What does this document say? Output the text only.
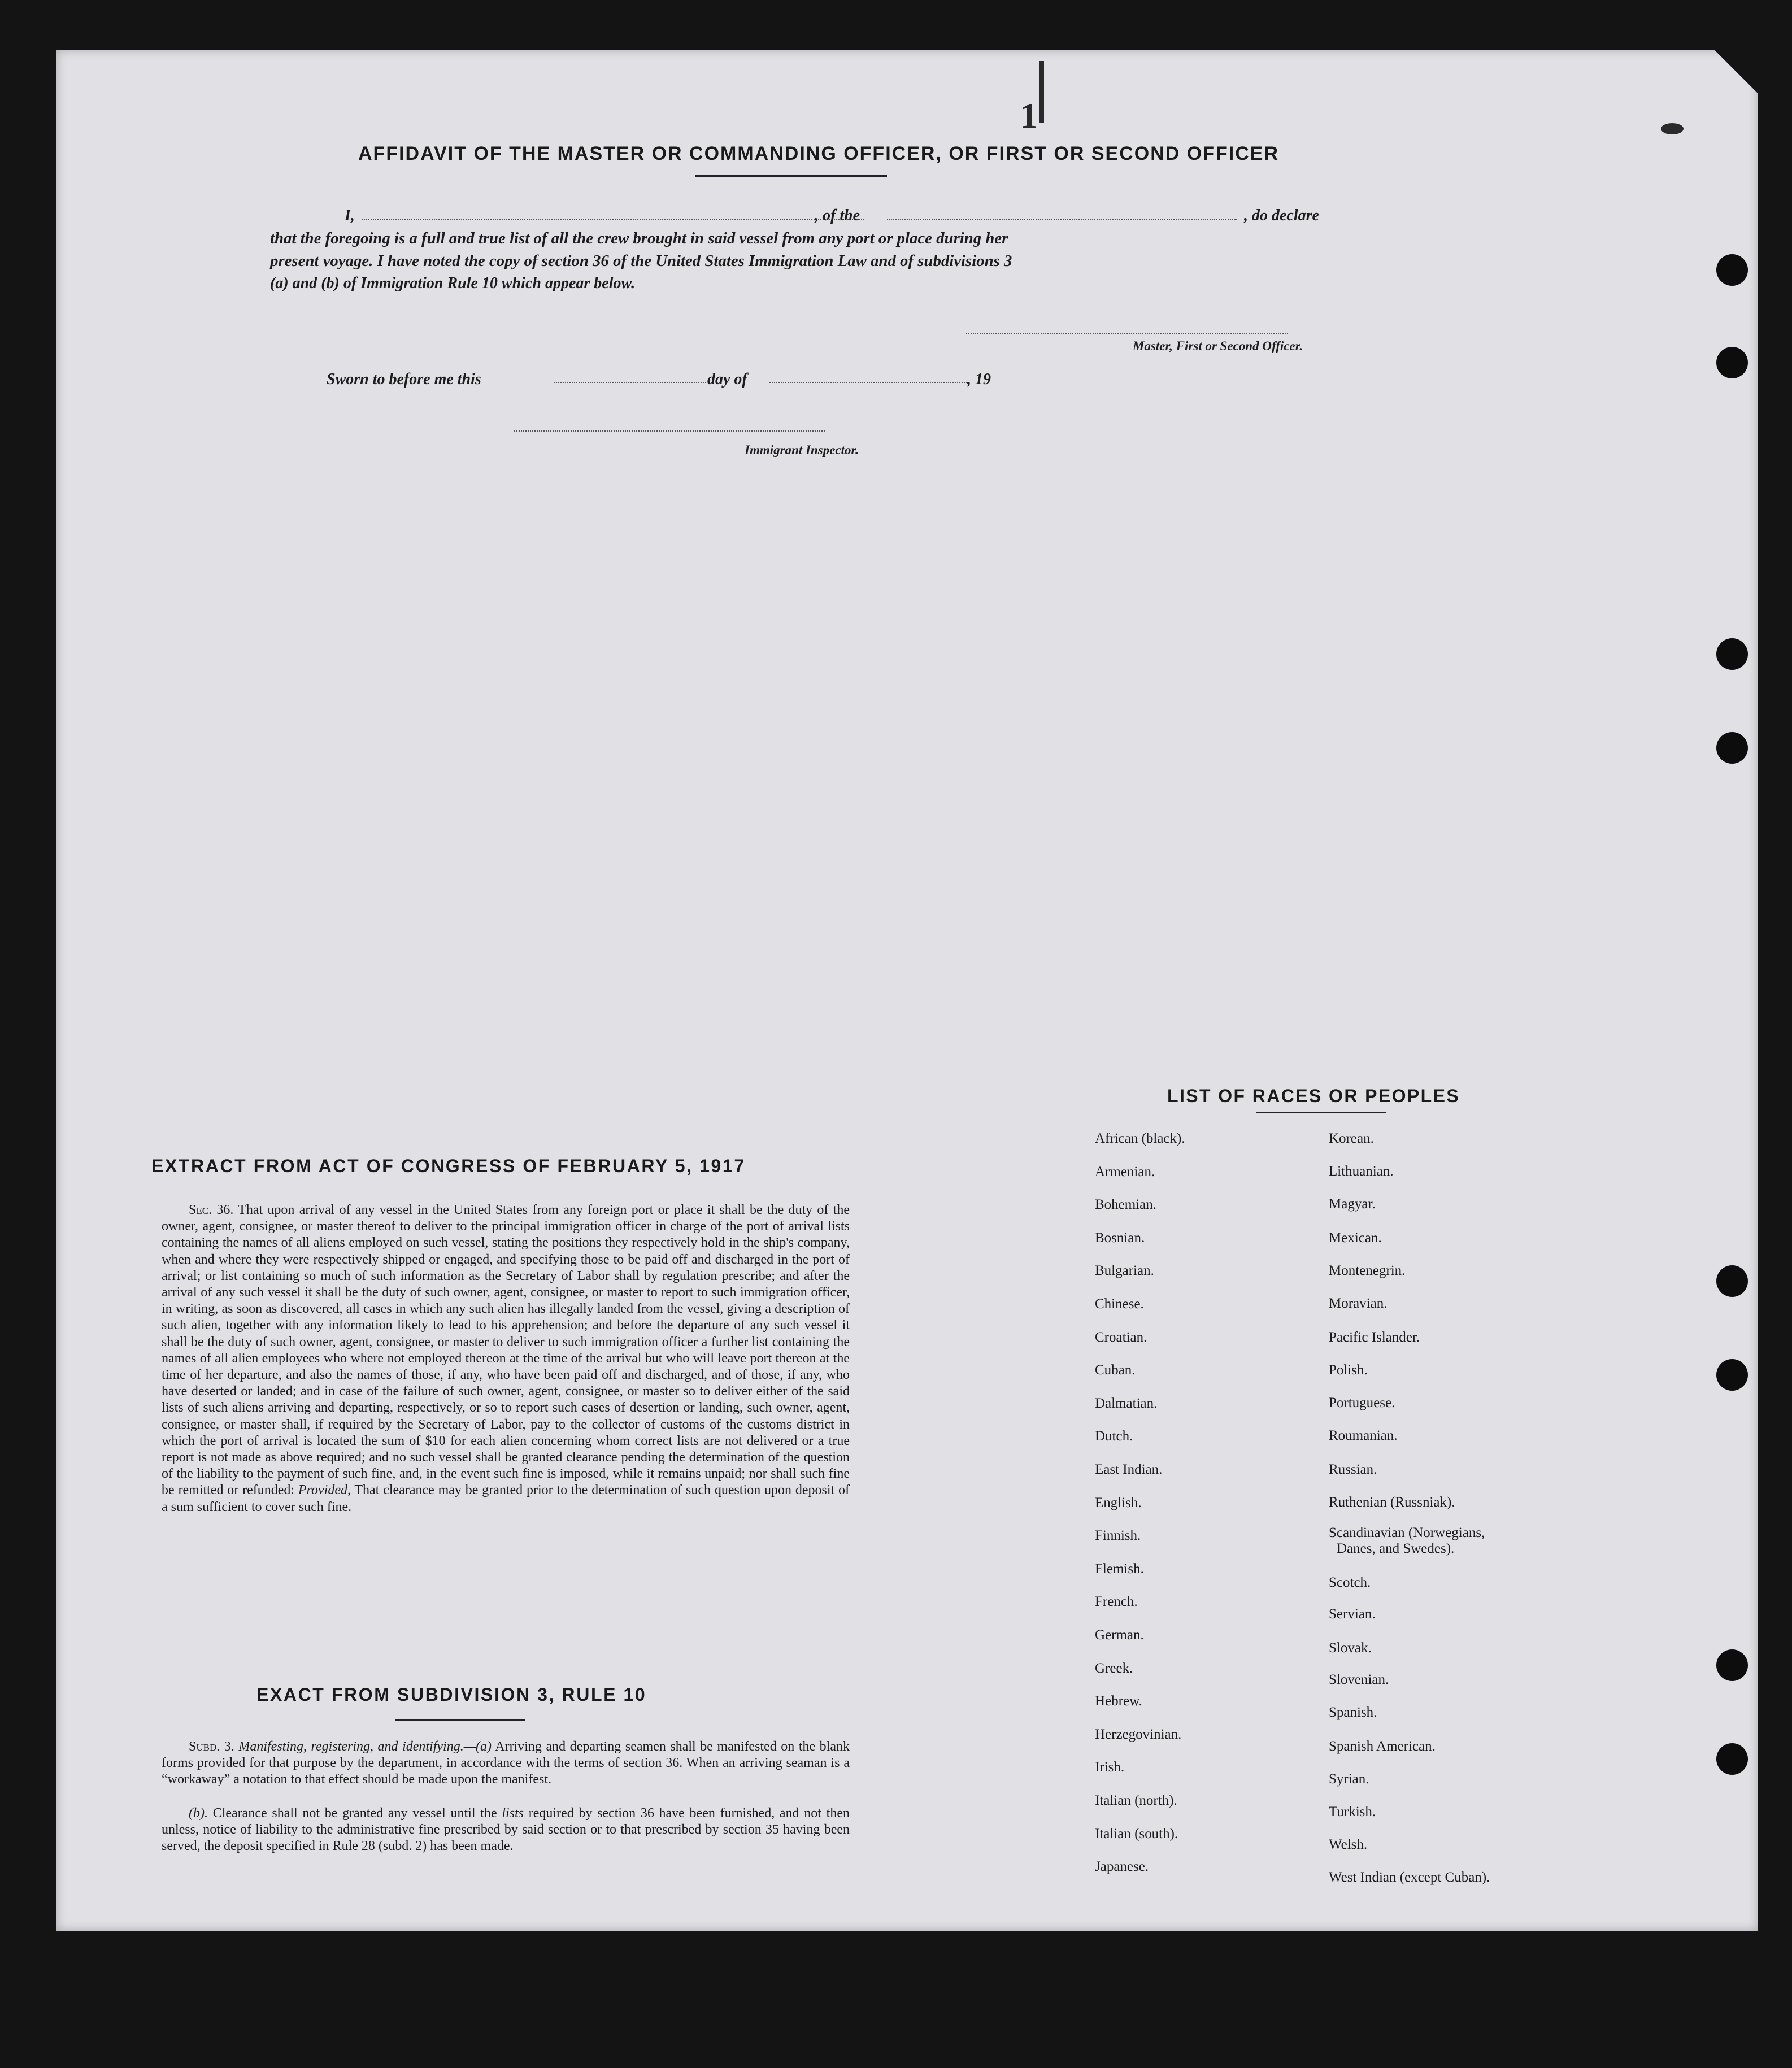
1
AFFIDAVIT OF THE MASTER OR COMMANDING OFFICER, OR FIRST OR SECOND OFFICER
I,	, of the	, do declare
that the foregoing is a full and true list of all the crew brought in said vessel from any port or place during her
present voyage. I have noted the copy of section 36 of the United States Immigration Law and of subdivisions 3
(a) and (b) of Immigration Rule 10 which appear below.
Master, First or Second Officer.
Sworn to before me this	day of	, 19
Immigrant Inspector.
EXTRACT FROM ACT OF CONGRESS OF FEBRUARY 5, 1917
Sec. 36. That upon arrival of any vessel in the United States from any foreign port or place it shall be the duty of the owner, agent, consignee, or master thereof to deliver to the principal immigration officer in charge of the port of arrival lists containing the names of all aliens employed on such vessel, stating the positions they respectively hold in the ship's company, when and where they were respectively shipped or engaged, and specifying those to be paid off and discharged in the port of arrival; or list containing so much of such information as the Secretary of Labor shall by regulation prescribe; and after the arrival of any such vessel it shall be the duty of such owner, agent, consignee, or master to report to such immigration officer, in writing, as soon as discovered, all cases in which any such alien has illegally landed from the vessel, giving a description of such alien, together with any information likely to lead to his apprehension; and before the departure of any such vessel it shall be the duty of such owner, agent, consignee, or master to deliver to such immigration officer a further list containing the names of all alien employees who where not employed thereon at the time of the arrival but who will leave port thereon at the time of her departure, and also the names of those, if any, who have been paid off and discharged, and of those, if any, who have deserted or landed; and in case of the failure of such owner, agent, consignee, or master so to deliver either of the said lists of such aliens arriving and departing, respectively, or so to report such cases of desertion or landing, such owner, agent, consignee, or master shall, if required by the Secretary of Labor, pay to the collector of customs of the customs district in which the port of arrival is located the sum of $10 for each alien concerning whom correct lists are not delivered or a true report is not made as above required; and no such vessel shall be granted clearance pending the determination of the question of the liability to the payment of such fine, and, in the event such fine is imposed, while it remains unpaid; nor shall such fine be remitted or refunded: Provided, That clearance may be granted prior to the determination of such question upon deposit of a sum sufficient to cover such fine.
EXACT FROM SUBDIVISION 3, RULE 10
Subd. 3. Manifesting, registering, and identifying.—(a) Arriving and departing seamen shall be manifested on the blank forms provided for that purpose by the department, in accordance with the terms of section 36. When an arriving seaman is a “workaway” a notation to that effect should be made upon the manifest.
(b). Clearance shall not be granted any vessel until the lists required by section 36 have been furnished, and not then unless, notice of liability to the administrative fine prescribed by said section or to that prescribed by section 35 having been served, the deposit specified in Rule 28 (subd. 2) has been made.
LIST OF RACES OR PEOPLES
African (black).
Armenian.
Bohemian.
Bosnian.
Bulgarian.
Chinese.
Croatian.
Cuban.
Dalmatian.
Dutch.
East Indian.
English.
Finnish.
Flemish.
French.
German.
Greek.
Hebrew.
Herzegovinian.
Irish.
Italian (north).
Italian (south).
Japanese.
Korean.
Lithuanian.
Magyar.
Mexican.
Montenegrin.
Moravian.
Pacific Islander.
Polish.
Portuguese.
Roumanian.
Russian.
Ruthenian (Russniak).
Scandinavian (Norwegians,
Danes, and Swedes).
Scotch.
Servian.
Slovak.
Slovenian.
Spanish.
Spanish American.
Syrian.
Turkish.
Welsh.
West Indian (except Cuban).
